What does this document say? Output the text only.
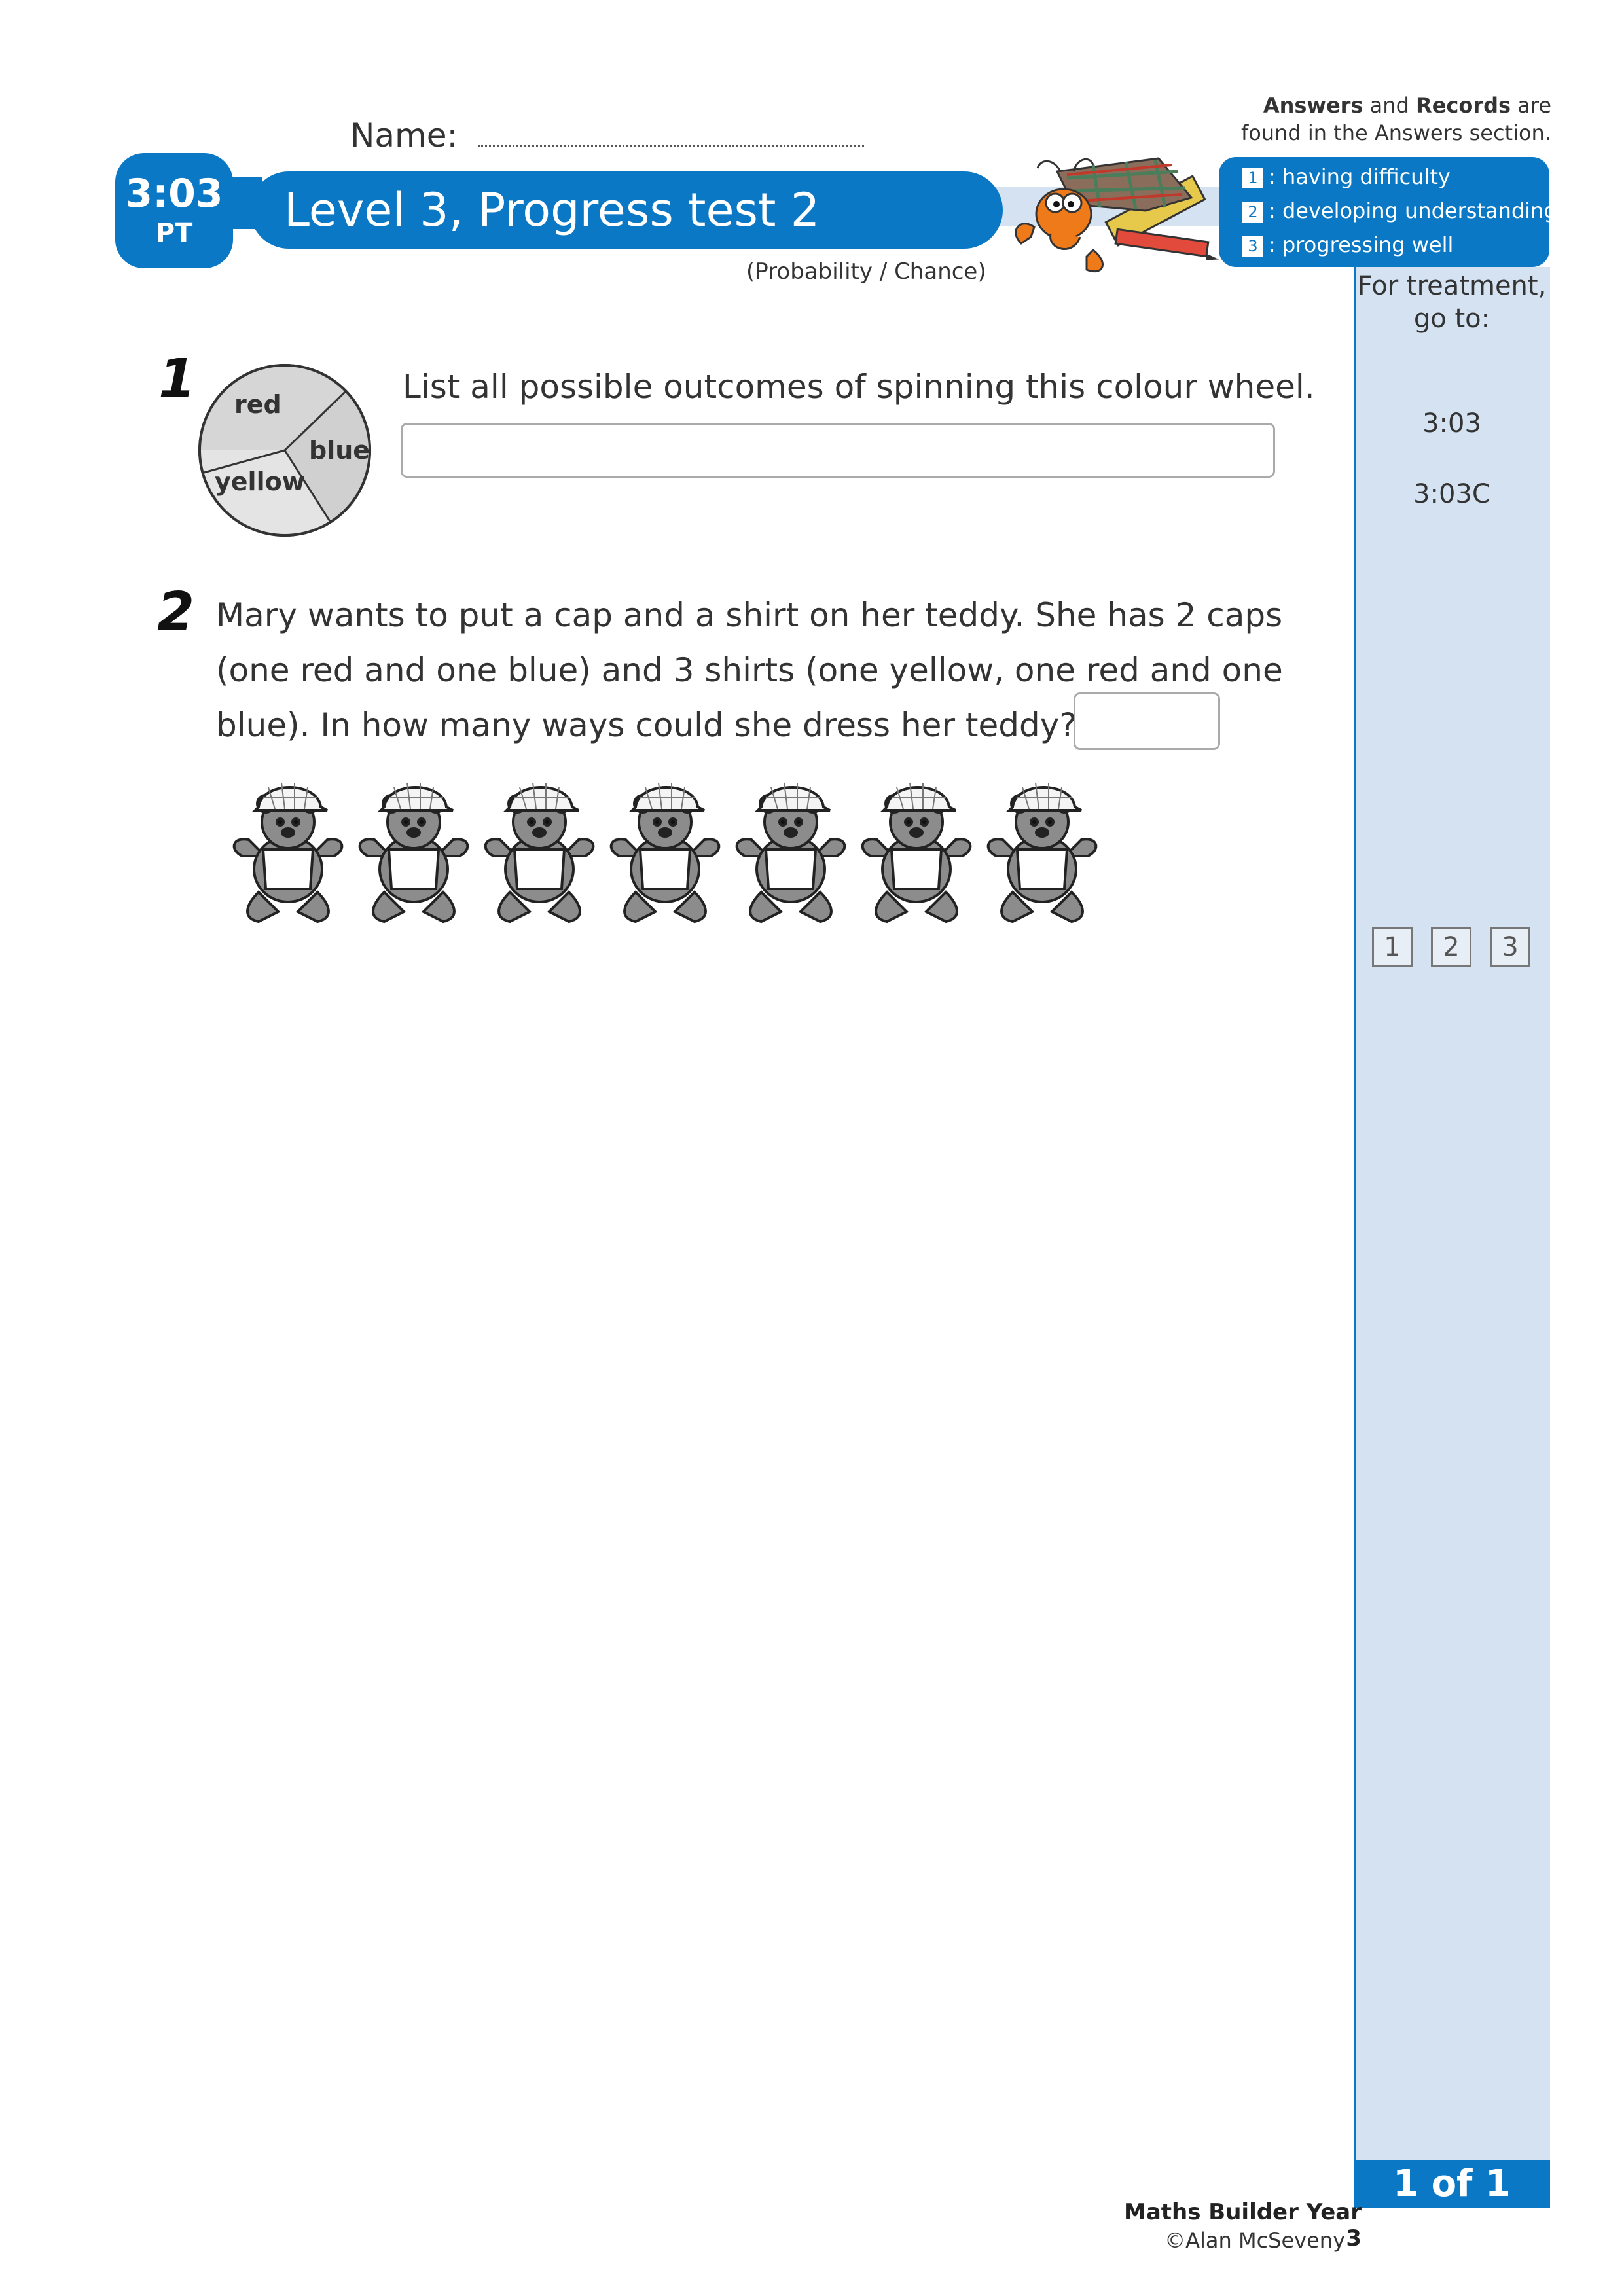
Name:
Answers and Records are
found in the Answers section.
Level 3, Progress test 2
3:03
PT
(Probability / Chance)
1 : having difficulty
2 : developing understanding
3 : progressing well
For treatment,
go to:
3:03
3:03C
1 2 3
1 of 1
1 red
blue
yellow
List all possible outcomes of spinning this colour wheel.
2 Mary wants to put a cap and a shirt on her teddy. She has 2 caps
(one red and one blue) and 3 shirts (one yellow, one red and one
blue). In how many ways could she dress her teddy?
Maths Builder Year 3
©Alan McSeveny
